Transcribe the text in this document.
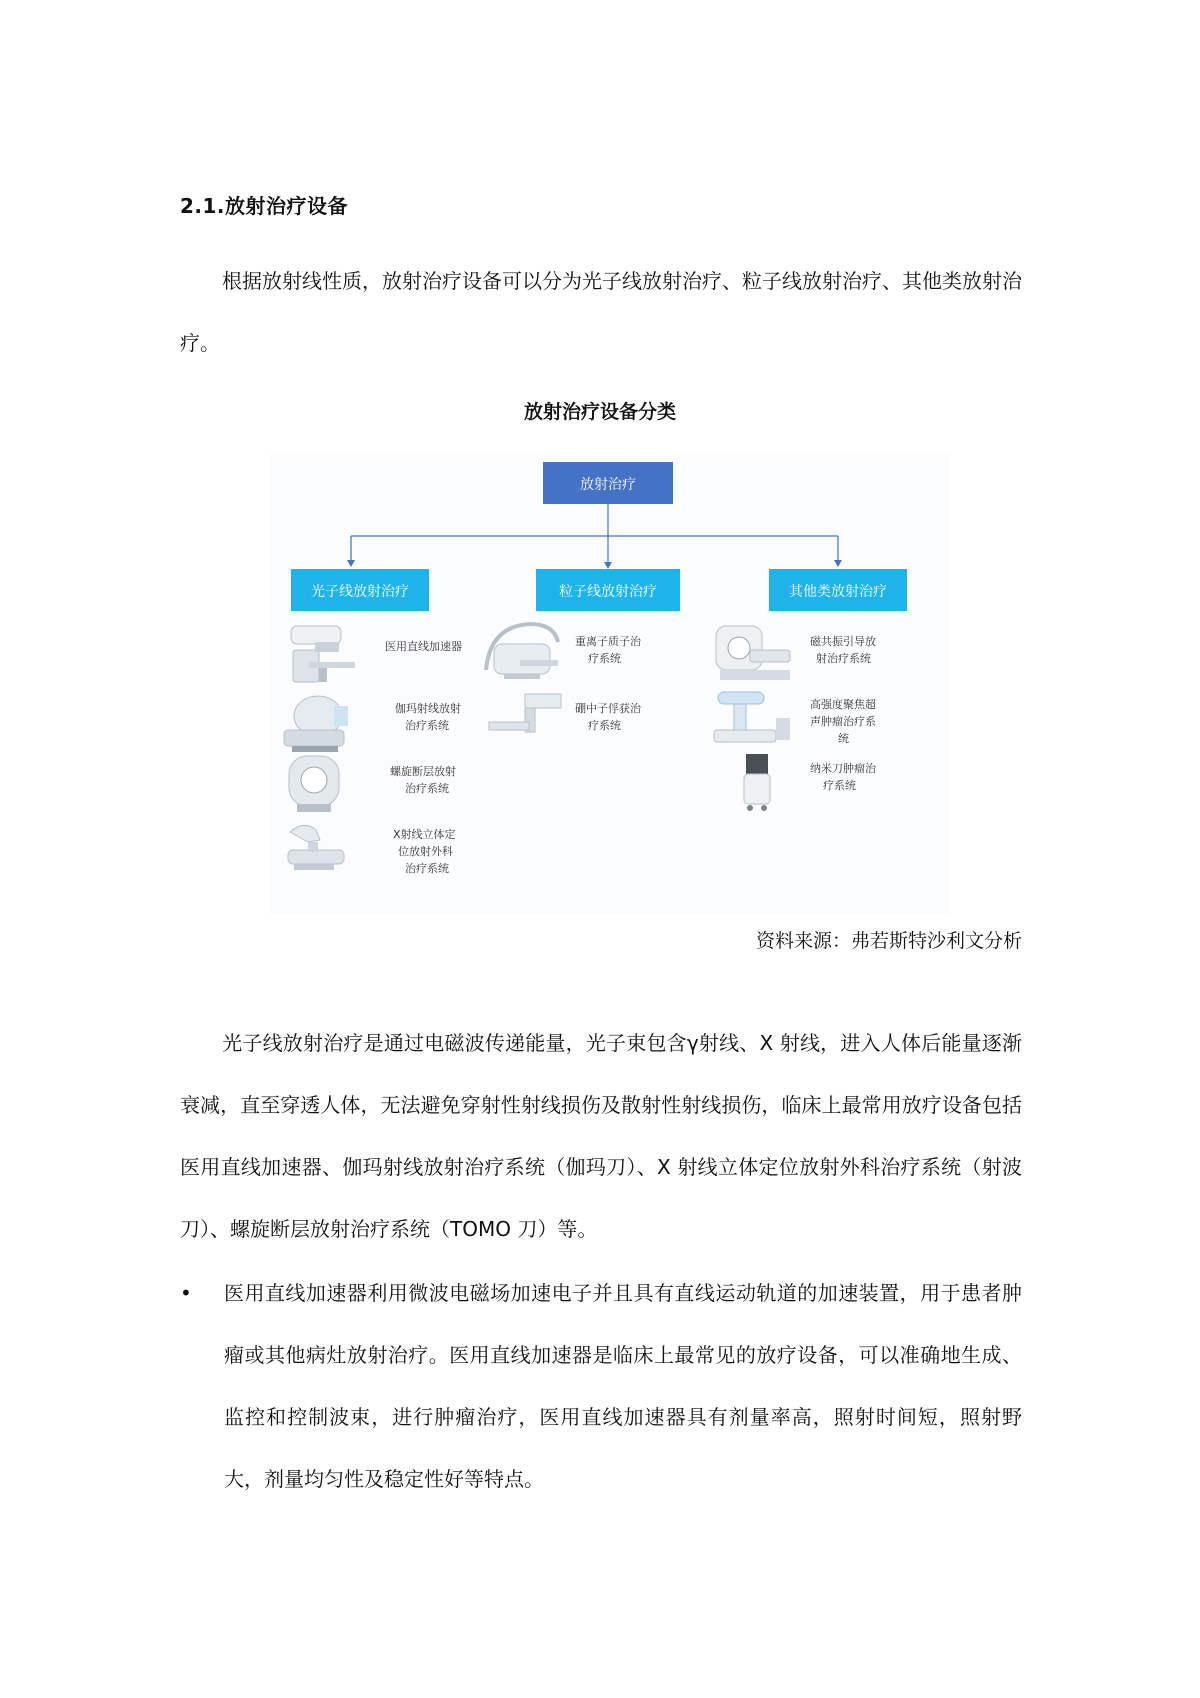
2.1.放射治疗设备

根据放射线性质，放射治疗设备可以分为光子线放射治疗、粒子线放射治疗、其他类放射治疗。

放射治疗设备分类
放射治疗
光子线放射治疗	粒子线放射治疗	其他类放射治疗
医用直线加速器
伽玛射线放射
治疗系统
螺旋断层放射
治疗系统
X射线立体定
位放射外科
治疗系统
重离子质子治
疗系统
硼中子俘获治
疗系统
磁共振引导放
射治疗系统
高强度聚焦超
声肿瘤治疗系
统
纳米刀肿瘤治
疗系统
资料来源：弗若斯特沙利文分析

光子线放射治疗是通过电磁波传递能量，光子束包含γ射线、X 射线，进入人体后能量逐渐衰减，直至穿透人体，无法避免穿射性射线损伤及散射性射线损伤，临床上最常用放疗设备包括医用直线加速器、伽玛射线放射治疗系统（伽玛刀）、X 射线立体定位放射外科治疗系统（射波刀）、螺旋断层放射治疗系统（TOMO 刀）等。

• 医用直线加速器利用微波电磁场加速电子并且具有直线运动轨道的加速装置，用于患者肿瘤或其他病灶放射治疗。医用直线加速器是临床上最常见的放疗设备，可以准确地生成、监控和控制波束，进行肿瘤治疗，医用直线加速器具有剂量率高，照射时间短，照射野大，剂量均匀性及稳定性好等特点。
